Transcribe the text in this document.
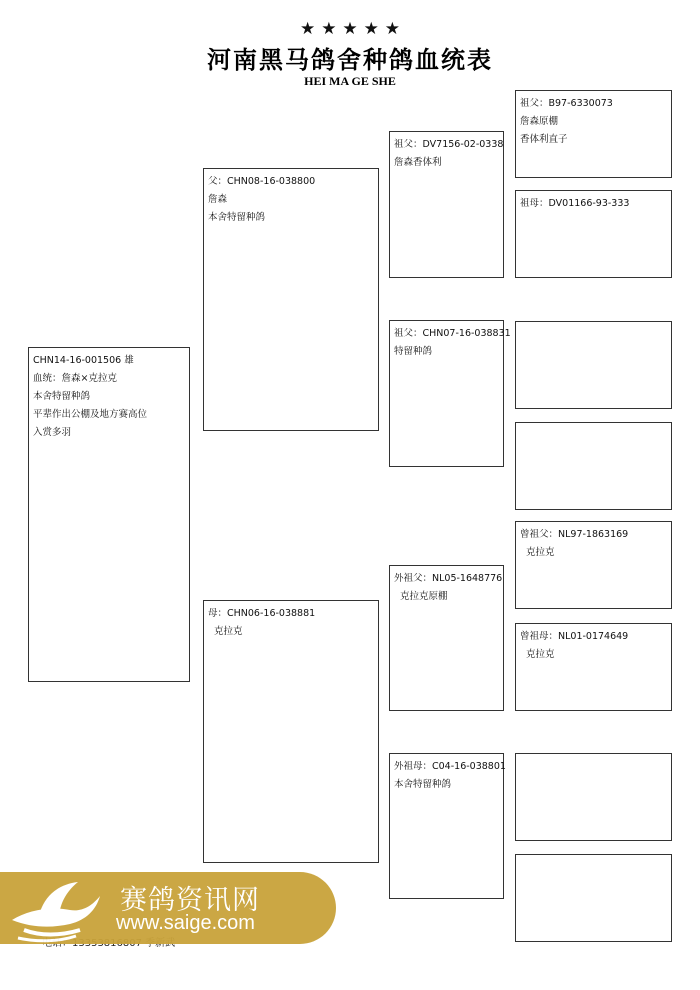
★ ★ ★ ★ ★
河南黑马鸽舍种鸽血统表
HEI MA GE SHE
CHN14-16-001506 雄
血统：詹森×克拉克
本舍特留种鸽
平辈作出公棚及地方赛高位
入赏多羽
父：CHN08-16-038800
詹森
本舍特留种鸽
母：CHN06-16-038881
克拉克
祖父：DV7156-02-0338
詹森香体利
祖父：CHN07-16-038831
特留种鸽
外祖父：NL05-1648776
克拉克原棚
外祖母：C04-16-038801
本舍特留种鸽
祖父：B97-6330073
詹森原棚
香体利直子
祖母：DV01166-93-333
曾祖父：NL97-1863169
克拉克
曾祖母：NL01-0174649
克拉克
赛鸽资讯网
www.saige.com
